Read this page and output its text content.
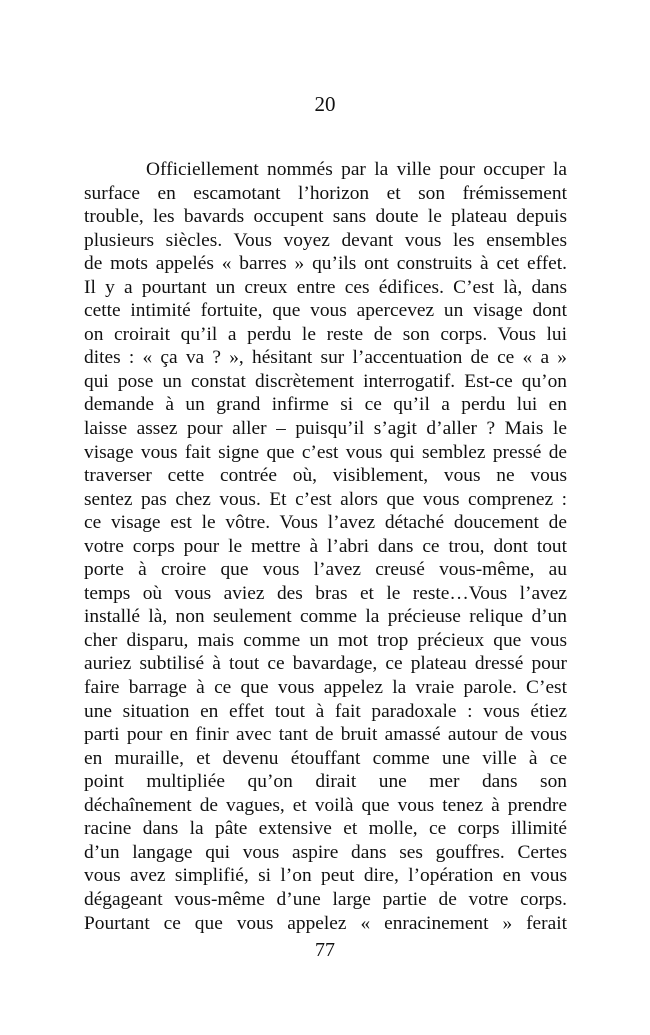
20
Officiellement nommés par la ville pour occuper la
surface en escamotant l’horizon et son frémissement
trouble, les bavards occupent sans doute le plateau depuis
plusieurs siècles. Vous voyez devant vous les ensembles
de mots appelés « barres » qu’ils ont construits à cet effet.
Il y a pourtant un creux entre ces édifices. C’est là, dans
cette intimité fortuite, que vous apercevez un visage dont
on croirait qu’il a perdu le reste de son corps. Vous lui
dites : « ça va ? », hésitant sur l’accentuation de ce « a »
qui pose un constat discrètement interrogatif. Est-ce qu’on
demande à un grand infirme si ce qu’il a perdu lui en
laisse assez pour aller – puisqu’il s’agit d’aller ? Mais le
visage vous fait signe que c’est vous qui semblez pressé de
traverser cette contrée où, visiblement, vous ne vous
sentez pas chez vous. Et c’est alors que vous comprenez :
ce visage est le vôtre. Vous l’avez détaché doucement de
votre corps pour le mettre à l’abri dans ce trou, dont tout
porte à croire que vous l’avez creusé vous-même, au
temps où vous aviez des bras et le reste…Vous l’avez
installé là, non seulement comme la précieuse relique d’un
cher disparu, mais comme un mot trop précieux que vous
auriez subtilisé à tout ce bavardage, ce plateau dressé pour
faire barrage à ce que vous appelez la vraie parole. C’est
une situation en effet tout à fait paradoxale : vous étiez
parti pour en finir avec tant de bruit amassé autour de vous
en muraille, et devenu étouffant comme une ville à ce
point multipliée qu’on dirait une mer dans son
déchaînement de vagues, et voilà que vous tenez à prendre
racine dans la pâte extensive et molle, ce corps illimité
d’un langage qui vous aspire dans ses gouffres. Certes
vous avez simplifié, si l’on peut dire, l’opération en vous
dégageant vous-même d’une large partie de votre corps.
Pourtant ce que vous appelez « enracinement » ferait
77
